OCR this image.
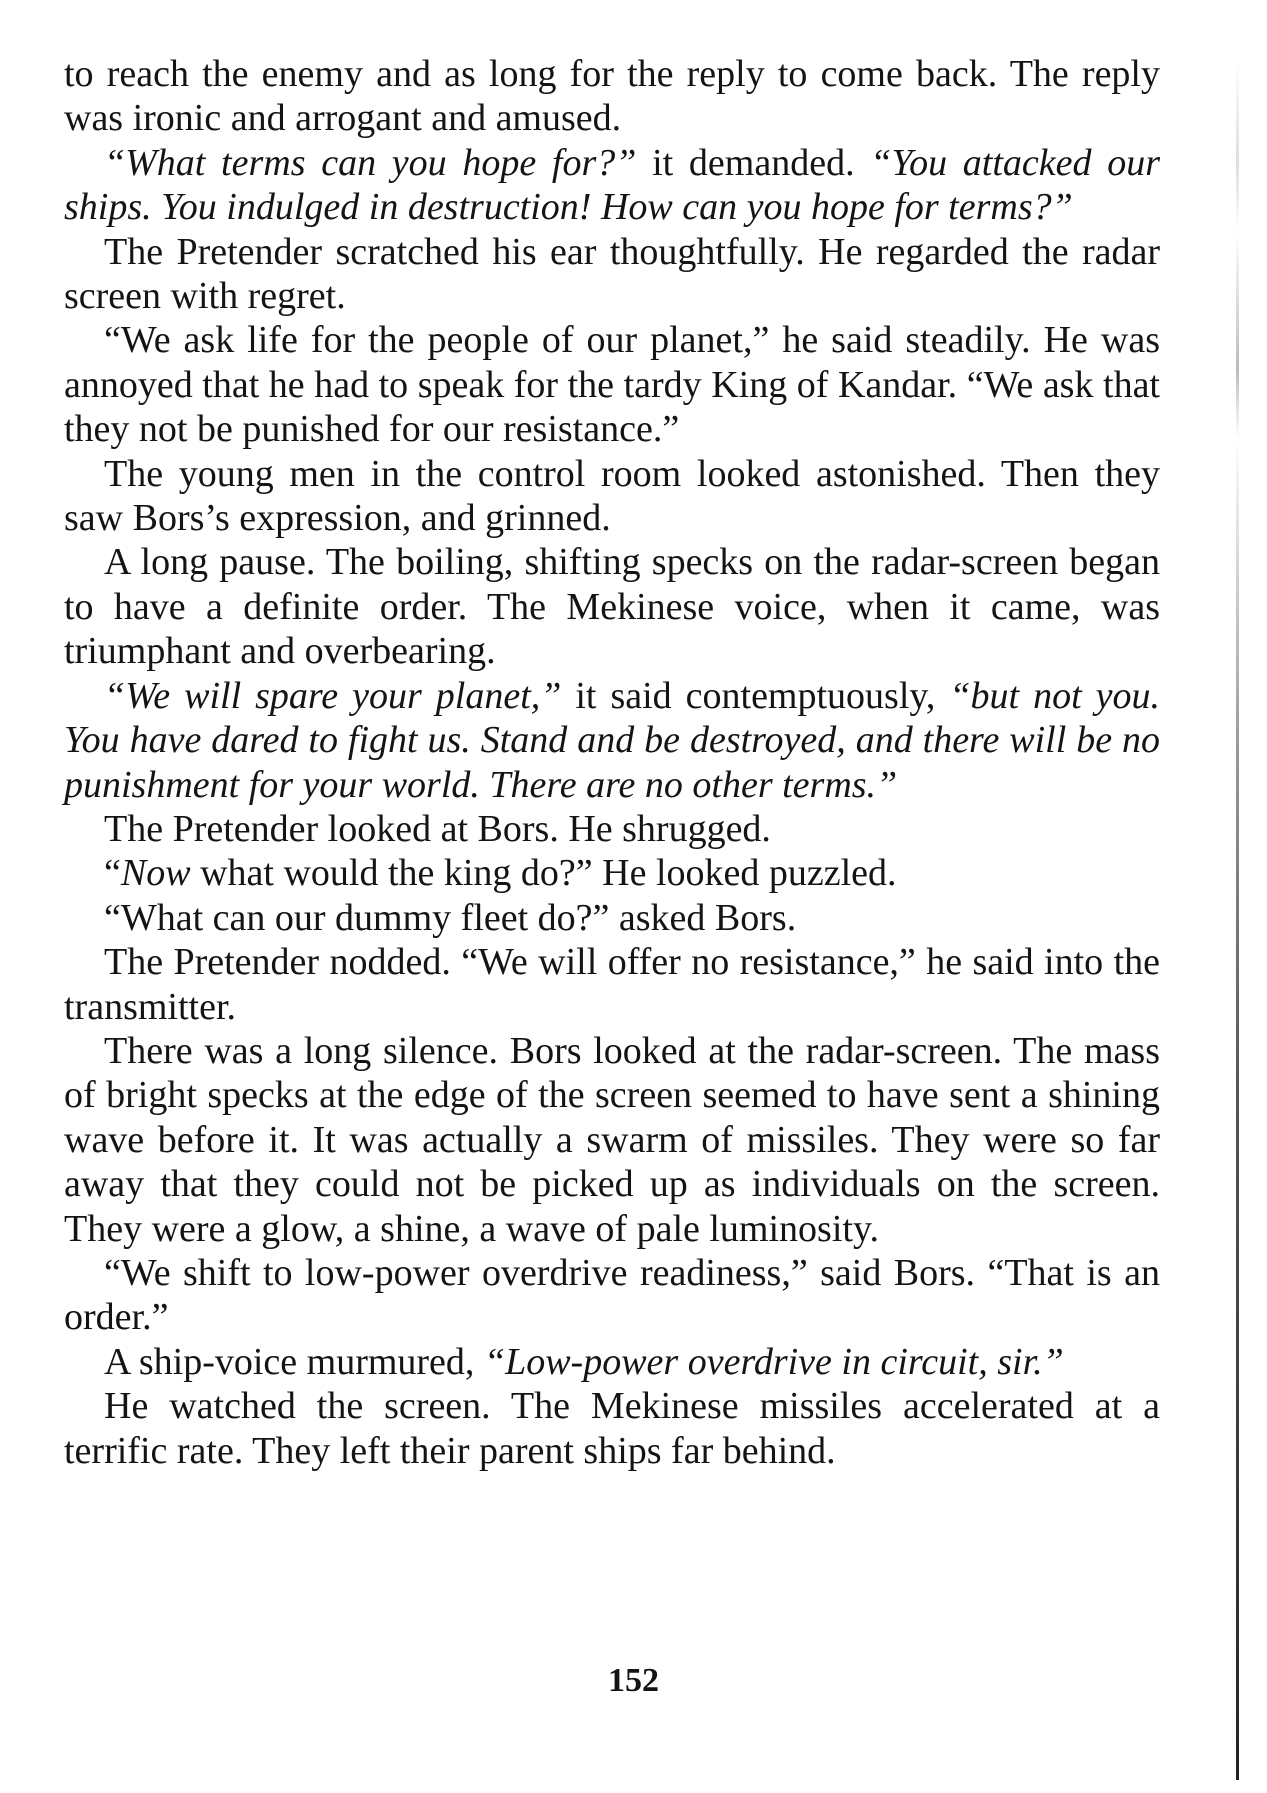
to reach the enemy and as long for the reply to come back. The reply was ironic and arrogant and amused.

“What terms can you hope for?” it demanded. “You attacked our ships. You indulged in destruction! How can you hope for terms?”

The Pretender scratched his ear thoughtfully. He regarded the radar screen with regret.

“We ask life for the people of our planet,” he said steadily. He was annoyed that he had to speak for the tardy King of Kandar. “We ask that they not be punished for our resistance.”

The young men in the control room looked astonished. Then they saw Bors’s expression, and grinned.

A long pause. The boiling, shifting specks on the radar-screen began to have a definite order. The Mekinese voice, when it came, was triumphant and overbearing.

“We will spare your planet,” it said contemptuously, “but not you. You have dared to fight us. Stand and be destroyed, and there will be no punishment for your world. There are no other terms.”

The Pretender looked at Bors. He shrugged.

“Now what would the king do?” He looked puzzled.

“What can our dummy fleet do?” asked Bors.

The Pretender nodded. “We will offer no resistance,” he said into the transmitter.

There was a long silence. Bors looked at the radar-screen. The mass of bright specks at the edge of the screen seemed to have sent a shining wave before it. It was actually a swarm of missiles. They were so far away that they could not be picked up as individuals on the screen. They were a glow, a shine, a wave of pale luminosity.

“We shift to low-power overdrive readiness,” said Bors. “That is an order.”

A ship-voice murmured, “Low-power overdrive in circuit, sir.”

He watched the screen. The Mekinese missiles accelerated at a terrific rate. They left their parent ships far behind.

152
